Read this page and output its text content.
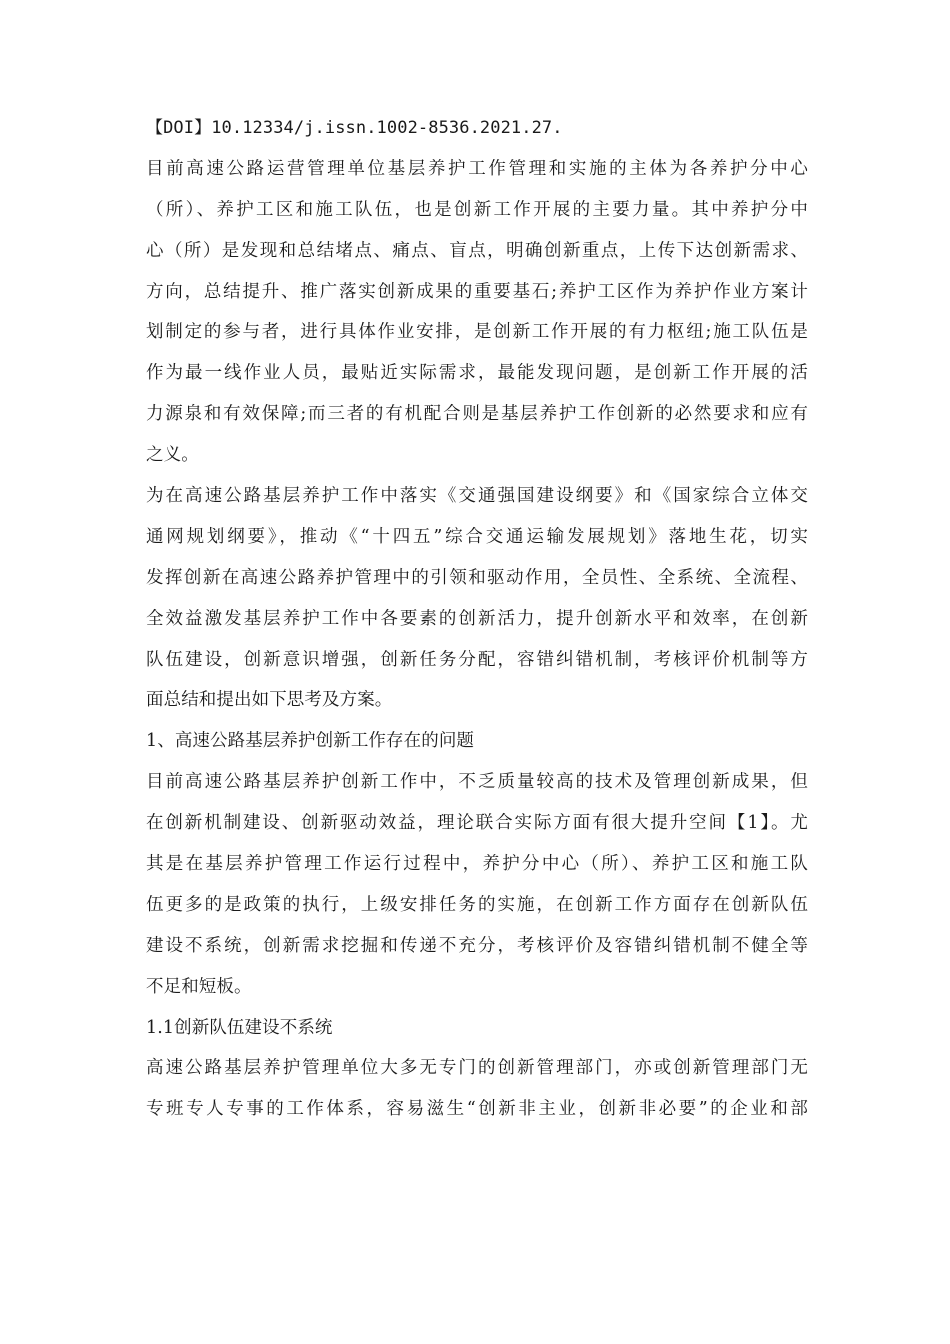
【DOI】10.12334/j.issn.1002-8536.2021.27.
目前高速公路运营管理单位基层养护工作管理和实施的主体为各养护分中心
（所）、养护工区和施工队伍，也是创新工作开展的主要力量。其中养护分中
心（所）是发现和总结堵点、痛点、盲点，明确创新重点，上传下达创新需求、
方向，总结提升、推广落实创新成果的重要基石;养护工区作为养护作业方案计
划制定的参与者，进行具体作业安排，是创新工作开展的有力枢纽;施工队伍是
作为最一线作业人员，最贴近实际需求，最能发现问题，是创新工作开展的活
力源泉和有效保障;而三者的有机配合则是基层养护工作创新的必然要求和应有
之义。
为在高速公路基层养护工作中落实《交通强国建设纲要》和《国家综合立体交
通网规划纲要》，推动《“十四五”综合交通运输发展规划》落地生花，切实
发挥创新在高速公路养护管理中的引领和驱动作用，全员性、全系统、全流程、
全效益激发基层养护工作中各要素的创新活力，提升创新水平和效率，在创新
队伍建设，创新意识增强，创新任务分配，容错纠错机制，考核评价机制等方
面总结和提出如下思考及方案。
1、高速公路基层养护创新工作存在的问题
目前高速公路基层养护创新工作中，不乏质量较高的技术及管理创新成果，但
在创新机制建设、创新驱动效益，理论联合实际方面有很大提升空间【1】。尤
其是在基层养护管理工作运行过程中，养护分中心（所）、养护工区和施工队
伍更多的是政策的执行，上级安排任务的实施，在创新工作方面存在创新队伍
建设不系统，创新需求挖掘和传递不充分，考核评价及容错纠错机制不健全等
不足和短板。
1.1创新队伍建设不系统
高速公路基层养护管理单位大多无专门的创新管理部门，亦或创新管理部门无
专班专人专事的工作体系，容易滋生“创新非主业，创新非必要”的企业和部
